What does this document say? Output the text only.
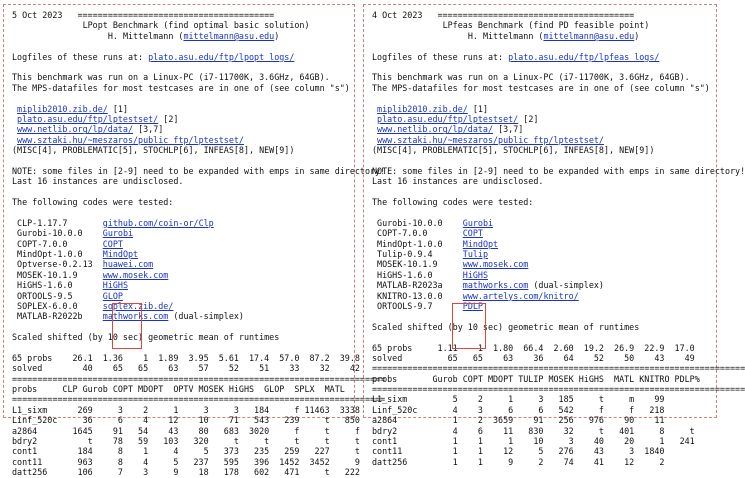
5 Oct 2023 =======================================
LPopt Benchmark (find optimal basic solution)
H. Mittelmann (mittelmann@asu.edu)
Logfiles of these runs at: plato.asu.edu/ftp/lpopt_logs/
This benchmark was run on a Linux-PC (i7-11700K, 3.6GHz, 64GB).
The MPS-datafiles for most testcases are in one of (see column "s")
miplib2010.zib.de/ [1]
plato.asu.edu/ftp/lptestset/ [2]
www.netlib.org/lp/data/ [3,7]
www.sztaki.hu/~meszaros/public_ftp/lptestset/
(MISC[4], PROBLEMATIC[5], STOCHLP[6], INFEAS[8], NEW[9])
NOTE: some files in [2-9] need to be expanded with emps in same directory!
Last 16 instances are undisclosed.
The following codes were tested:
CLP-1.17.7	github.com/coin-or/Clp
Gurobi-10.0.0 Gurobi
COPT-7.0.0	COPT
MindOpt-1.0.0 MindOpt
Optverse-0.2.13 huawei.com
MOSEK-10.1.9	www.mosek.com
HiGHS-1.6.0	HiGHS
ORTOOLS-9.5	GLOP
SOPLEX-6.0.0	soplex.zib.de/
MATLAB-R2022b mathworks.com (dual-simplex)
Scaled shifted (by 10 sec) geometric mean of runtimes
65 probs    26.1  1.36    1  1.89  3.95  5.61  17.4  57.0  87.2  39.8
solved        40    65   65    63    57    52    51    33    32    42
==========================================================================
probs     CLP Gurob COPT MDOPT  OPTV MOSEK HiGHS  GLOP  SPLX  MATL
==========================================================================
L1_sixm      269     3    2     1     3     3   184     f 11463  3338
Linf_520c     36     6    4    12    10    71   543   239     t   850
a2864       1645    91   54    43    80   683  3020     f     t     f
bdry2          t    78   59   103   320     t     t     t     t     t
cont1        184     8    1     4     5   373   235   259   227     t
cont11       963     8    4     5   237   595   396  1452  3452     9
datt256      106     7    3     9    18   178   602   471     t   222
4 Oct 2023 =======================================
LPfeas Benchmark (find PD feasible point)
H. Mittelmann (mittelmann@asu.edu)
Logfiles of these runs at: plato.asu.edu/ftp/lpfeas_logs/
This benchmark was run on a Linux-PC (i7-11700K, 3.6GHz, 64GB).
The MPS-datafiles for most testcases are in one of (see column "s")
miplib2010.zib.de/ [1]
plato.asu.edu/ftp/lptestset/ [2]
www.netlib.org/lp/data/ [3,7]
www.sztaki.hu/~meszaros/public_ftp/lptestset/
(MISC[4], PROBLEMATIC[5], STOCHLP[6], INFEAS[8], NEW[9])
NOTE: some files in [2-9] need to be expanded with emps in same directory!
Last 16 instances are undisclosed.
The following codes were tested:
Gurobi-10.0.0 Gurobi
COPT-7.0.0	COPT
MindOpt-1.0.0 MindOpt
Tulip-0.9.4	Tulip
MOSEK-10.1.9	www.mosek.com
HiGHS-1.6.0	HiGHS
MATLAB-R2023a mathworks.com (dual-simplex)
KNITRO-13.0.0 www.artelys.com/knitro/
ORTOOLS-9.7	PDLP
Scaled shifted (by 10 sec) geometric mean of runtimes
65 probs     1.11    1  1.80  66.4  2.60  19.2  26.9  22.9  17.0
solved         65   65    63    36    64    52    50    43    49
==========================================================================
probs       Gurob COPT MDOPT TULIP MOSEK HiGHS  MATL KNITRO PDLP%
==========================================================================
L1_sixm         5    2     1     3   185     t     m    99
Linf_520c       4    3     6     6   542     f     f   218
a2864           1    2  3659    91   256   976    90    11
bdry2           4    6    11   830    32     t   401     8     t
cont1           1    1     1    10     3    40    20     1   241
cont11          1    1    12     5   276    43     3  1840
datt256         1    1     9     2    74    41    12     2
